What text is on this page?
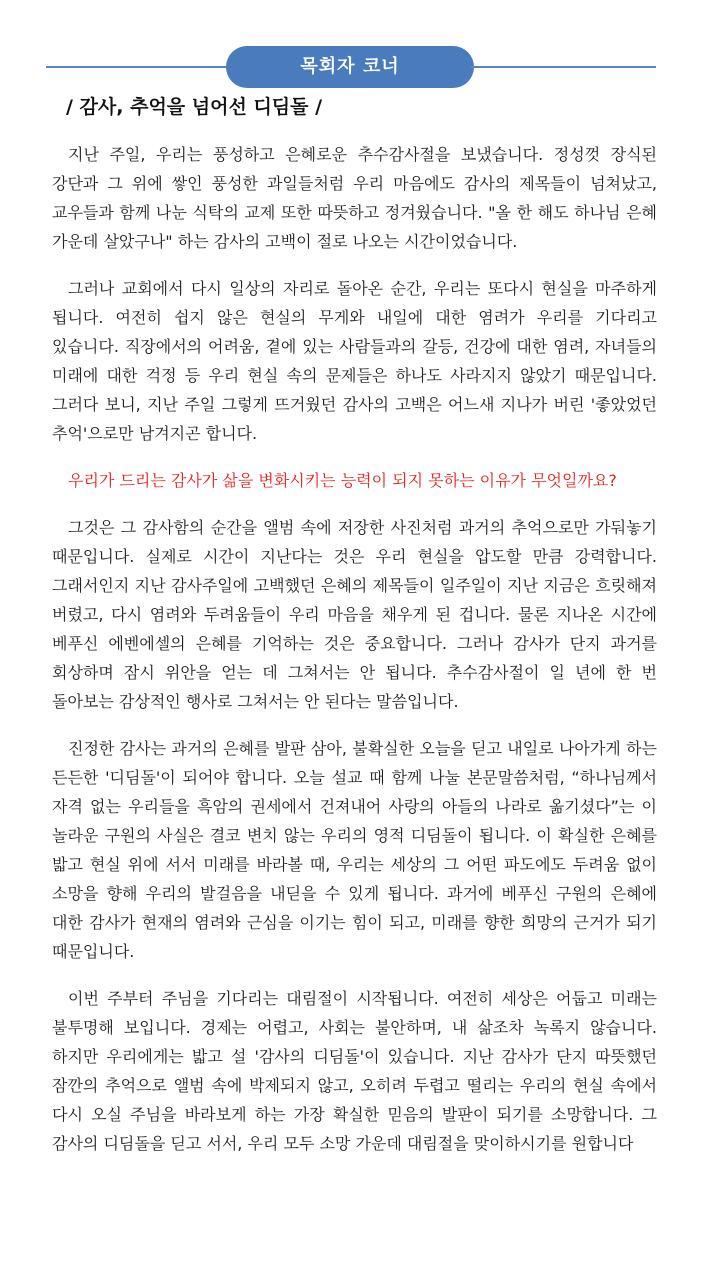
목회자 코너
/ 감사, 추억을 넘어선 디딤돌 /

지난 주일, 우리는 풍성하고 은혜로운 추수감사절을 보냈습니다. 정성껏 장식된 강단과 그 위에 쌓인 풍성한 과일들처럼 우리 마음에도 감사의 제목들이 넘쳐났고, 교우들과 함께 나눈 식탁의 교제 또한 따뜻하고 정겨웠습니다. "올 한 해도 하나님 은혜 가운데 살았구나" 하는 감사의 고백이 절로 나오는 시간이었습니다.

그러나 교회에서 다시 일상의 자리로 돌아온 순간, 우리는 또다시 현실을 마주하게 됩니다. 여전히 쉽지 않은 현실의 무게와 내일에 대한 염려가 우리를 기다리고 있습니다. 직장에서의 어려움, 곁에 있는 사람들과의 갈등, 건강에 대한 염려, 자녀들의 미래에 대한 걱정 등 우리 현실 속의 문제들은 하나도 사라지지 않았기 때문입니다. 그러다 보니, 지난 주일 그렇게 뜨거웠던 감사의 고백은 어느새 지나가 버린 '좋았었던 추억'으로만 남겨지곤 합니다.

우리가 드리는 감사가 삶을 변화시키는 능력이 되지 못하는 이유가 무엇일까요?

그것은 그 감사함의 순간을 앨범 속에 저장한 사진처럼 과거의 추억으로만 가둬놓기 때문입니다. 실제로 시간이 지난다는 것은 우리 현실을 압도할 만큼 강력합니다. 그래서인지 지난 감사주일에 고백했던 은혜의 제목들이 일주일이 지난 지금은 흐릿해져 버렸고, 다시 염려와 두려움들이 우리 마음을 채우게 된 겁니다. 물론 지나온 시간에 베푸신 에벤에셀의 은혜를 기억하는 것은 중요합니다. 그러나 감사가 단지 과거를 회상하며 잠시 위안을 얻는 데 그쳐서는 안 됩니다. 추수감사절이 일 년에 한 번 돌아보는 감상적인 행사로 그쳐서는 안 된다는 말씀입니다.

진정한 감사는 과거의 은혜를 발판 삼아, 불확실한 오늘을 딛고 내일로 나아가게 하는 든든한 '디딤돌'이 되어야 합니다. 오늘 설교 때 함께 나눌 본문말씀처럼, “하나님께서 자격 없는 우리들을 흑암의 권세에서 건져내어 사랑의 아들의 나라로 옮기셨다”는 이 놀라운 구원의 사실은 결코 변치 않는 우리의 영적 디딤돌이 됩니다. 이 확실한 은혜를 밟고 현실 위에 서서 미래를 바라볼 때, 우리는 세상의 그 어떤 파도에도 두려움 없이 소망을 향해 우리의 발걸음을 내딛을 수 있게 됩니다. 과거에 베푸신 구원의 은혜에 대한 감사가 현재의 염려와 근심을 이기는 힘이 되고, 미래를 향한 희망의 근거가 되기 때문입니다.

이번 주부터 주님을 기다리는 대림절이 시작됩니다. 여전히 세상은 어둡고 미래는 불투명해 보입니다. 경제는 어렵고, 사회는 불안하며, 내 삶조차 녹록지 않습니다. 하지만 우리에게는 밟고 설 '감사의 디딤돌'이 있습니다. 지난 감사가 단지 따뜻했던 잠깐의 추억으로 앨범 속에 박제되지 않고, 오히려 두렵고 떨리는 우리의 현실 속에서 다시 오실 주님을 바라보게 하는 가장 확실한 믿음의 발판이 되기를 소망합니다. 그 감사의 디딤돌을 딛고 서서, 우리 모두 소망 가운데 대림절을 맞이하시기를 원합니다
